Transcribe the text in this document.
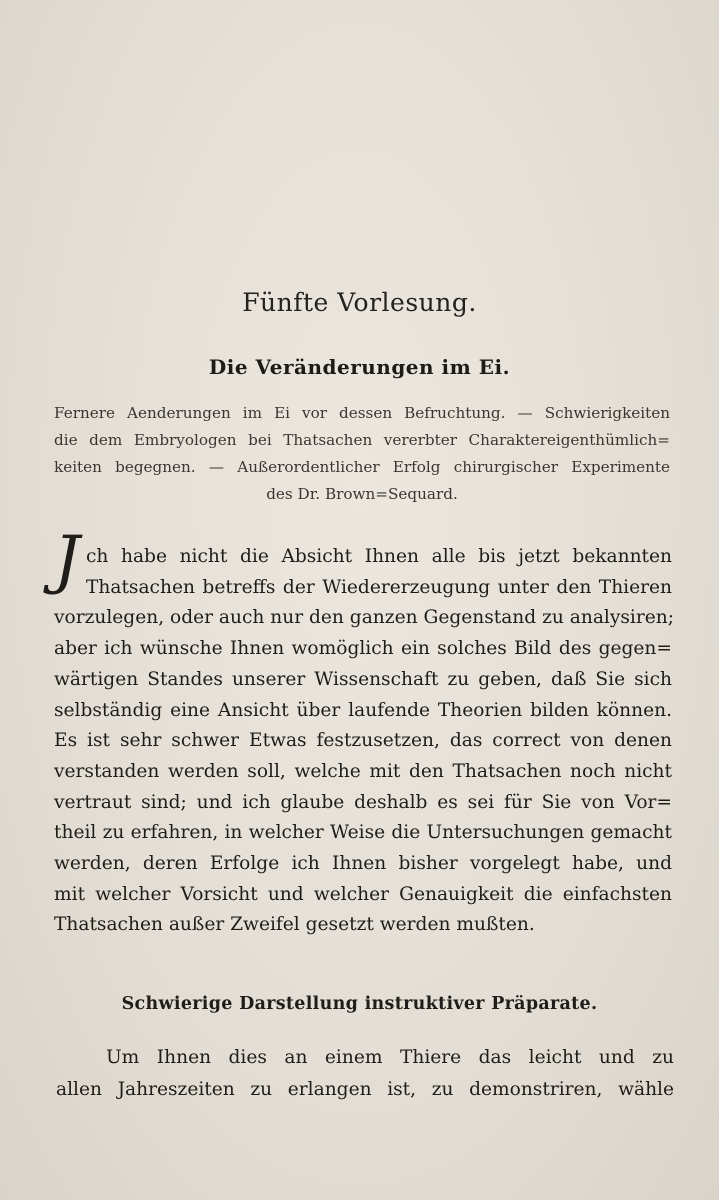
Fünfte Vorlesung.
Die Veränderungen im Ei.
Fernere Aenderungen im Ei vor dessen Befruchtung. — Schwierigkeiten
die dem Embryologen bei Thatsachen vererbter Charaktereigenthümlich=
keiten begegnen. — Außerordentlicher Erfolg chirurgischer Experimente
des Dr. Brown=Sequard.
J ch habe nicht die Absicht Ihnen alle bis jetzt bekannten
Thatsachen betreffs der Wiedererzeugung unter den Thieren
vorzulegen, oder auch nur den ganzen Gegenstand zu analysiren;
aber ich wünsche Ihnen womöglich ein solches Bild des gegen=
wärtigen Standes unserer Wissenschaft zu geben, daß Sie sich
selbständig eine Ansicht über laufende Theorien bilden können.
Es ist sehr schwer Etwas festzusetzen, das correct von denen
verstanden werden soll, welche mit den Thatsachen noch nicht
vertraut sind; und ich glaube deshalb es sei für Sie von Vor=
theil zu erfahren, in welcher Weise die Untersuchungen gemacht
werden, deren Erfolge ich Ihnen bisher vorgelegt habe, und
mit welcher Vorsicht und welcher Genauigkeit die einfachsten
Thatsachen außer Zweifel gesetzt werden mußten.
Schwierige Darstellung instruktiver Präparate.
Um Ihnen dies an einem Thiere das leicht und zu
allen Jahreszeiten zu erlangen ist, zu demonstriren, wähle
